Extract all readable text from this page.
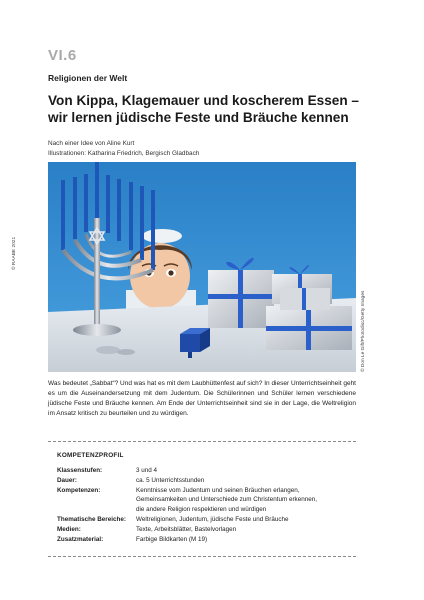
VI.6
Religionen der Welt
Von Kippa, Klagemauer und koscherem Essen –
wir lernen jüdische Feste und Bräuche kennen
Nach einer Idee von Aline Kurt
Illustrationen: Katharina Friedrich, Bergisch Gladbach
© RAABE 2021
© Don Le Gift/Photodisc/Getty Images
Was bedeutet „Sabbat“? Und was hat es mit dem Laubhüttenfest auf sich? In dieser Unterrichtseinheit geht es um die Auseinandersetzung mit dem Judentum. Die Schülerinnen und Schüler lernen verschiedene jüdische Feste und Bräuche kennen. Am Ende der Unterrichtseinheit sind sie in der Lage, die Weltreligion im Ansatz kritisch zu beurteilen und zu würdigen.
KOMPETENZPROFIL
Klassenstufen:	3 und 4
Dauer:	ca. 5 Unterrichtsstunden
Kompetenzen:	Kenntnisse vom Judentum und seinen Bräuchen erlangen,
Gemeinsamkeiten und Unterschiede zum Christentum erkennen,
die andere Religion respektieren und würdigen
Thematische Bereiche:	Weltreligionen, Judentum, jüdische Feste und Bräuche
Medien:	Texte, Arbeitsblätter, Bastelvorlagen
Zusatzmaterial:	Farbige Bildkarten (M 19)
